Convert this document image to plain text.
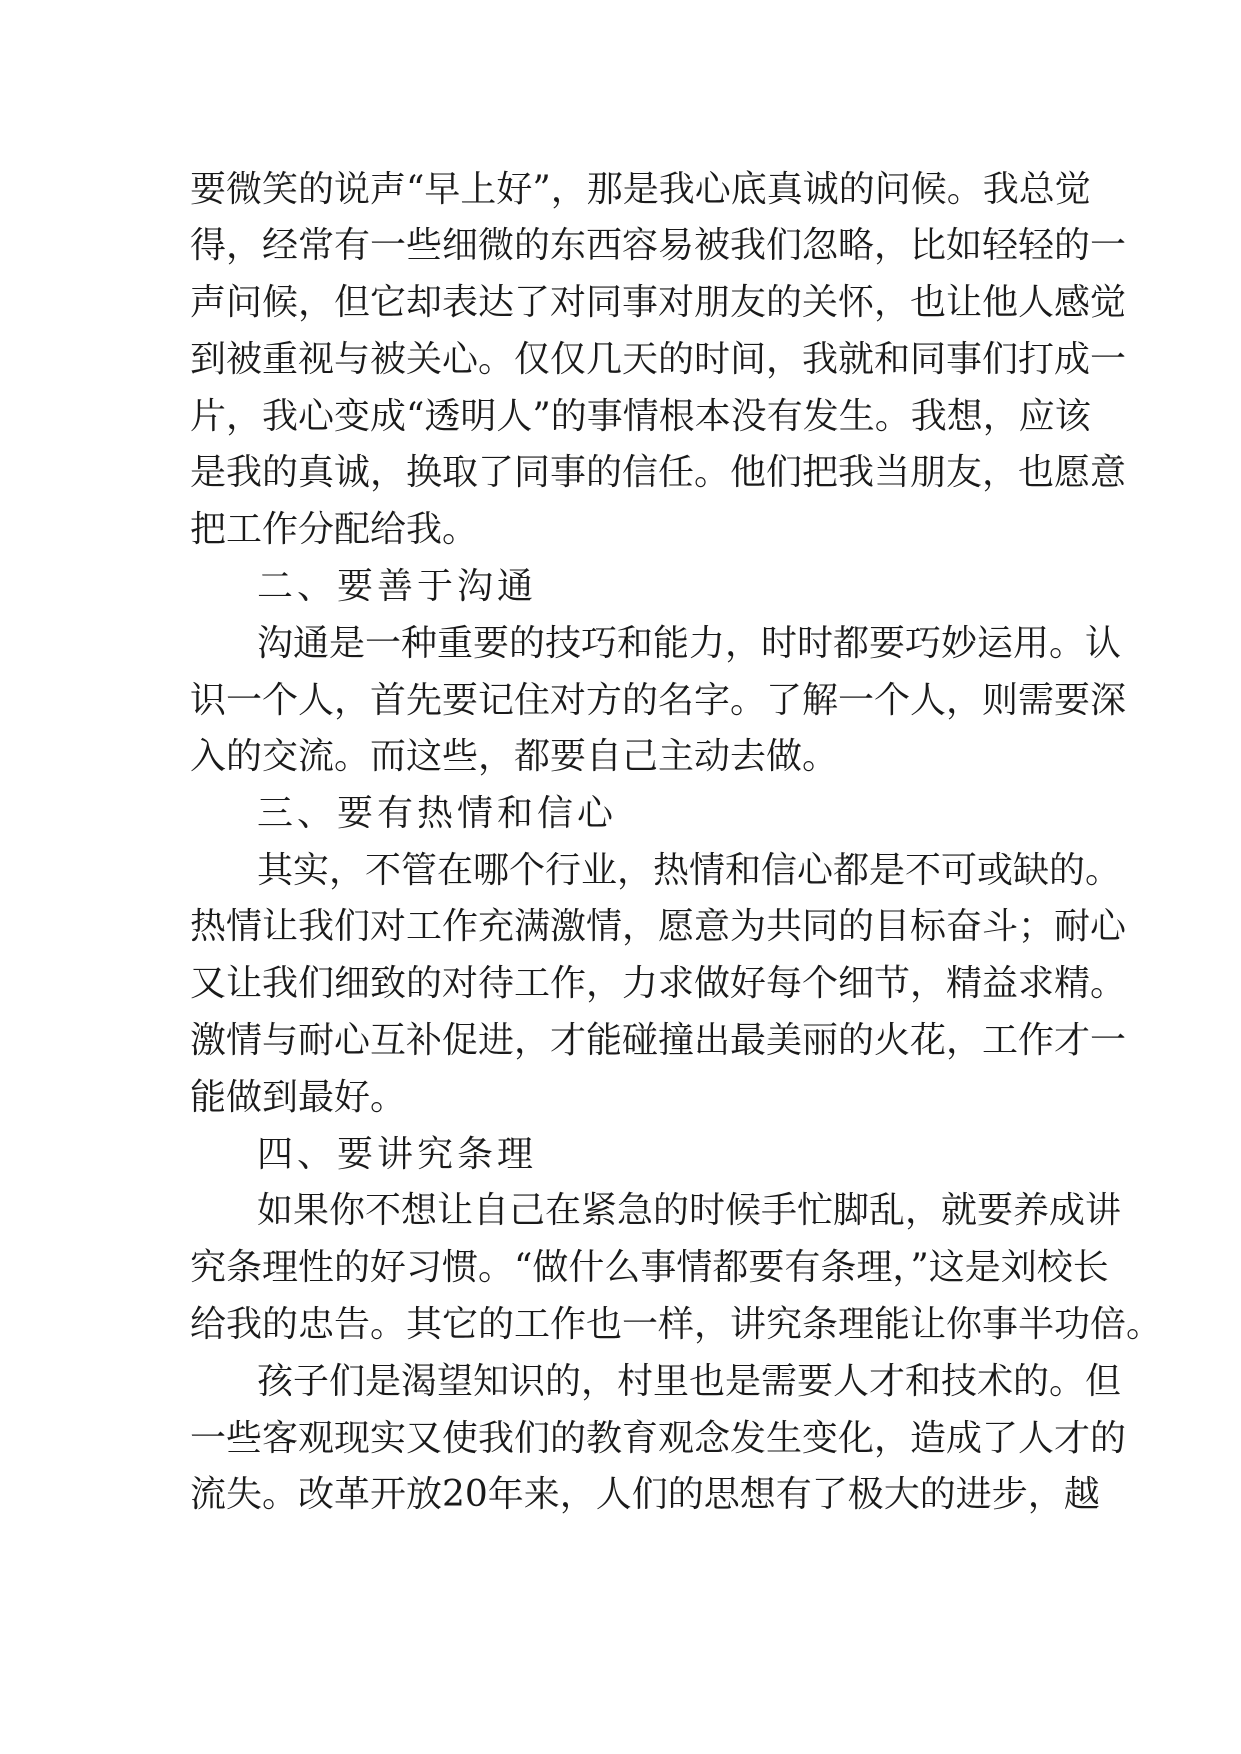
要微笑的说声“早上好”，那是我心底真诚的问候。我总觉
得，经常有一些细微的东西容易被我们忽略，比如轻轻的一
声问候，但它却表达了对同事对朋友的关怀，也让他人感觉
到被重视与被关心。仅仅几天的时间，我就和同事们打成一
片，我心变成“透明人”的事情根本没有发生。我想，应该
是我的真诚，换取了同事的信任。他们把我当朋友，也愿意
把工作分配给我。
二、要善于沟通
沟通是一种重要的技巧和能力，时时都要巧妙运用。认
识一个人，首先要记住对方的名字。了解一个人，则需要深
入的交流。而这些，都要自己主动去做。
三、要有热情和信心
其实，不管在哪个行业，热情和信心都是不可或缺的。
热情让我们对工作充满激情，愿意为共同的目标奋斗；耐心
又让我们细致的对待工作，力求做好每个细节，精益求精。
激情与耐心互补促进，才能碰撞出最美丽的火花，工作才一
能做到最好。
四、要讲究条理
如果你不想让自己在紧急的时候手忙脚乱，就要养成讲
究条理性的好习惯。“做什么事情都要有条理，”这是刘校长
给我的忠告。其它的工作也一样，讲究条理能让你事半功倍。
孩子们是渴望知识的，村里也是需要人才和技术的。但
一些客观现实又使我们的教育观念发生变化，造成了人才的
流失。改革开放20年来，人们的思想有了极大的进步，越
